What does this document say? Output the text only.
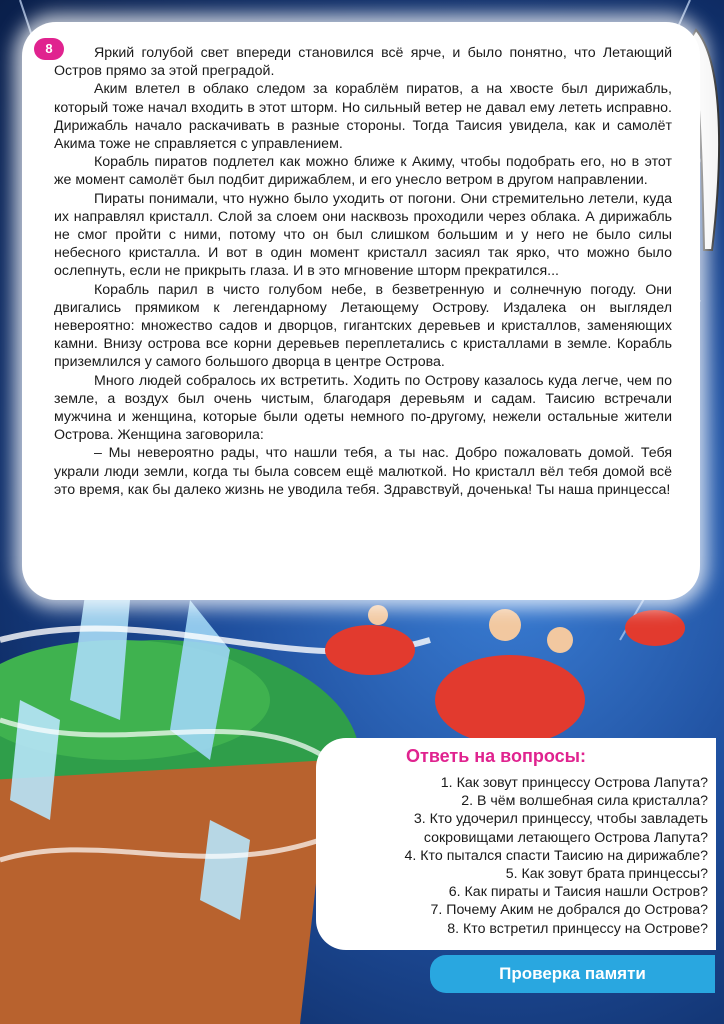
8	Яркий голубой свет впереди становился всё ярче, и было понятно, что Летающий Остров прямо за этой преградой.

Аким влетел в облако следом за кораблём пиратов, а на хвосте был дирижабль, который тоже начал входить в этот шторм. Но сильный ветер не давал ему лететь исправно. Дирижабль начало раскачивать в разные стороны. Тогда Таисия увидела, как и самолёт Акима тоже не справляется с управлением.

Корабль пиратов подлетел как можно ближе к Акиму, чтобы подобрать его, но в этот же момент самолёт был подбит дирижаблем, и его унесло ветром в другом направлении.

Пираты понимали, что нужно было уходить от погони. Они стремительно летели, куда их направлял кристалл. Слой за слоем они насквозь проходили через облака. А дирижабль не смог пройти с ними, потому что он был слишком большим и у него не было силы небесного кристалла. И вот в один момент кристалл засиял так ярко, что можно было ослепнуть, если не прикрыть глаза. И в это мгновение шторм прекратился...

Корабль парил в чисто голубом небе, в безветренную и солнечную погоду. Они двигались прямиком к легендарному Летающему Острову. Издалека он выглядел невероятно: множество садов и дворцов, гигантских деревьев и кристаллов, заменяющих камни. Внизу острова все корни деревьев переплетались с кристаллами в земле. Корабль приземлился у самого большого дворца в центре Острова.

Много людей собралось их встретить. Ходить по Острову казалось куда легче, чем по земле, а воздух был очень чистым, благодаря деревьям и садам. Таисию встречали мужчина и женщина, которые были одеты немного по-другому, нежели остальные жители Острова. Женщина заговорила:

– Мы невероятно рады, что нашли тебя, а ты нас. Добро пожаловать домой. Тебя украли люди земли, когда ты была совсем ещё малюткой. Но кристалл вёл тебя домой всё это время, как бы далеко жизнь не уводила тебя. Здравствуй, доченька! Ты наша принцесса!

Ответь на вопросы:
1. Как зовут принцессу Острова Лапута?
2. В чём волшебная сила кристалла?
3. Кто удочерил принцессу, чтобы завладеть сокровищами летающего Острова Лапута?
4. Кто пытался спасти Таисию на дирижабле?
5. Как зовут брата принцессы?
6. Как пираты и Таисия нашли Остров?
7. Почему Аким не добрался до Острова?
8. Кто встретил принцессу на Острове?
Проверка памяти
